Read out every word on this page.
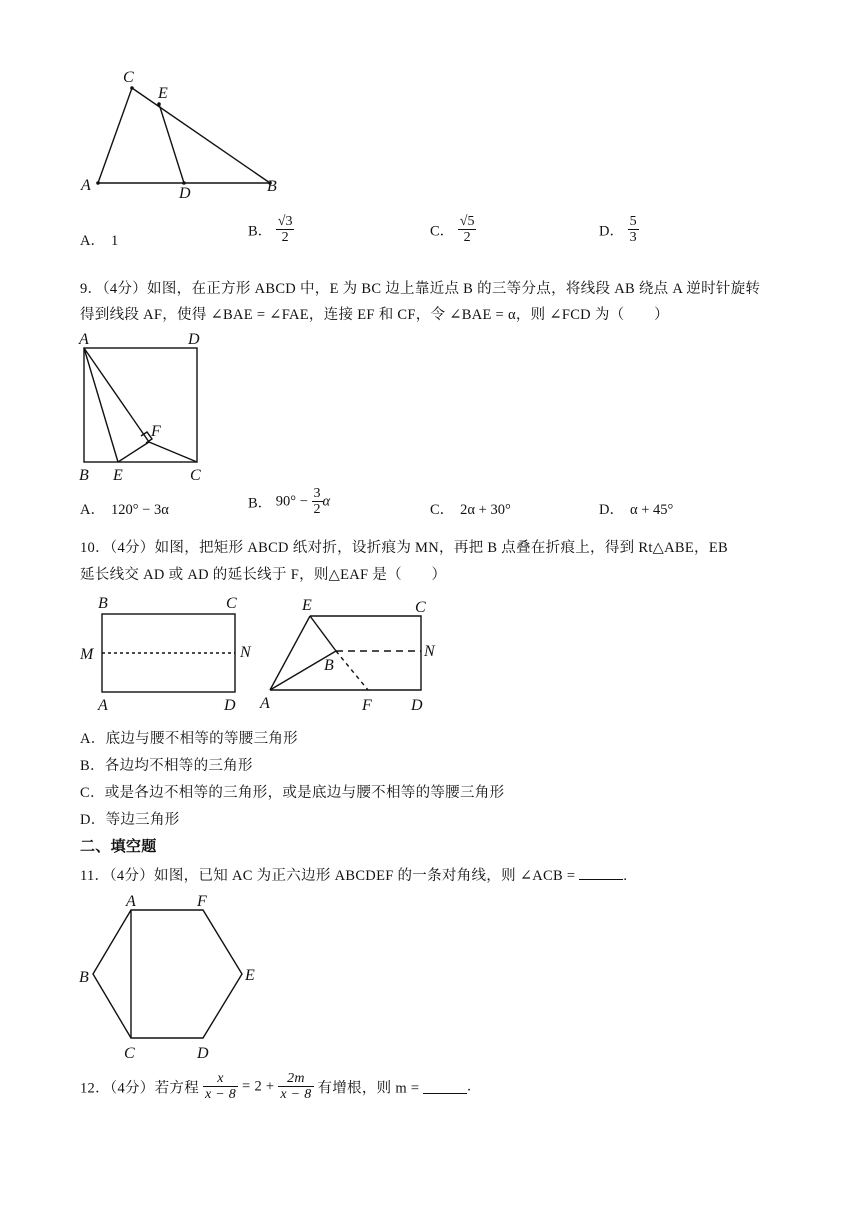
C
E
A	D	B
A． 1
B． $\frac{√3}{2}$	C． $\frac{√5}{2}$	D． $\frac{5}{3}$
9．（4分）如图，在正方形 ABCD 中，E 为 BC 边上靠近点 B 的三等分点，将线段 AB 绕点 A 逆时针旋转
得到线段 AF，使得 ∠BAE = ∠FAE，连接 EF 和 CF，令 ∠BAE = α，则 ∠FCD 为（　　）
A	D
F
B E	C
A． 120° − 3α	B． $90^\circ - \frac{3}{2}$ α
C． 2α + 30°	D． α + 45°
10．（4分）如图，把矩形 ABCD 纸对折，设折痕为 MN，再把 B 点叠在折痕上，得到 Rt△ABE，EB
延长线交 AD 或 AD 的延长线于 F，则△EAF 是（　　）
B	C
M	N
A	D
E	C
B
N
A	F D
A．底边与腰不相等的等腰三角形
B．各边均不相等的三角形
C．或是各边不相等的三角形，或是底边与腰不相等的等腰三角形
D．等边三角形
二、填空题
11．（4分）如图，已知 AC 为正六边形 ABCDEF 的一条对角线，则 ∠ACB =	.
A	F
B	E
C	D
12．（4分）若方程 $\frac{x}{x - 8} = 2 + \frac{2m}{x - 8}$ 有增根，则 m =	.
